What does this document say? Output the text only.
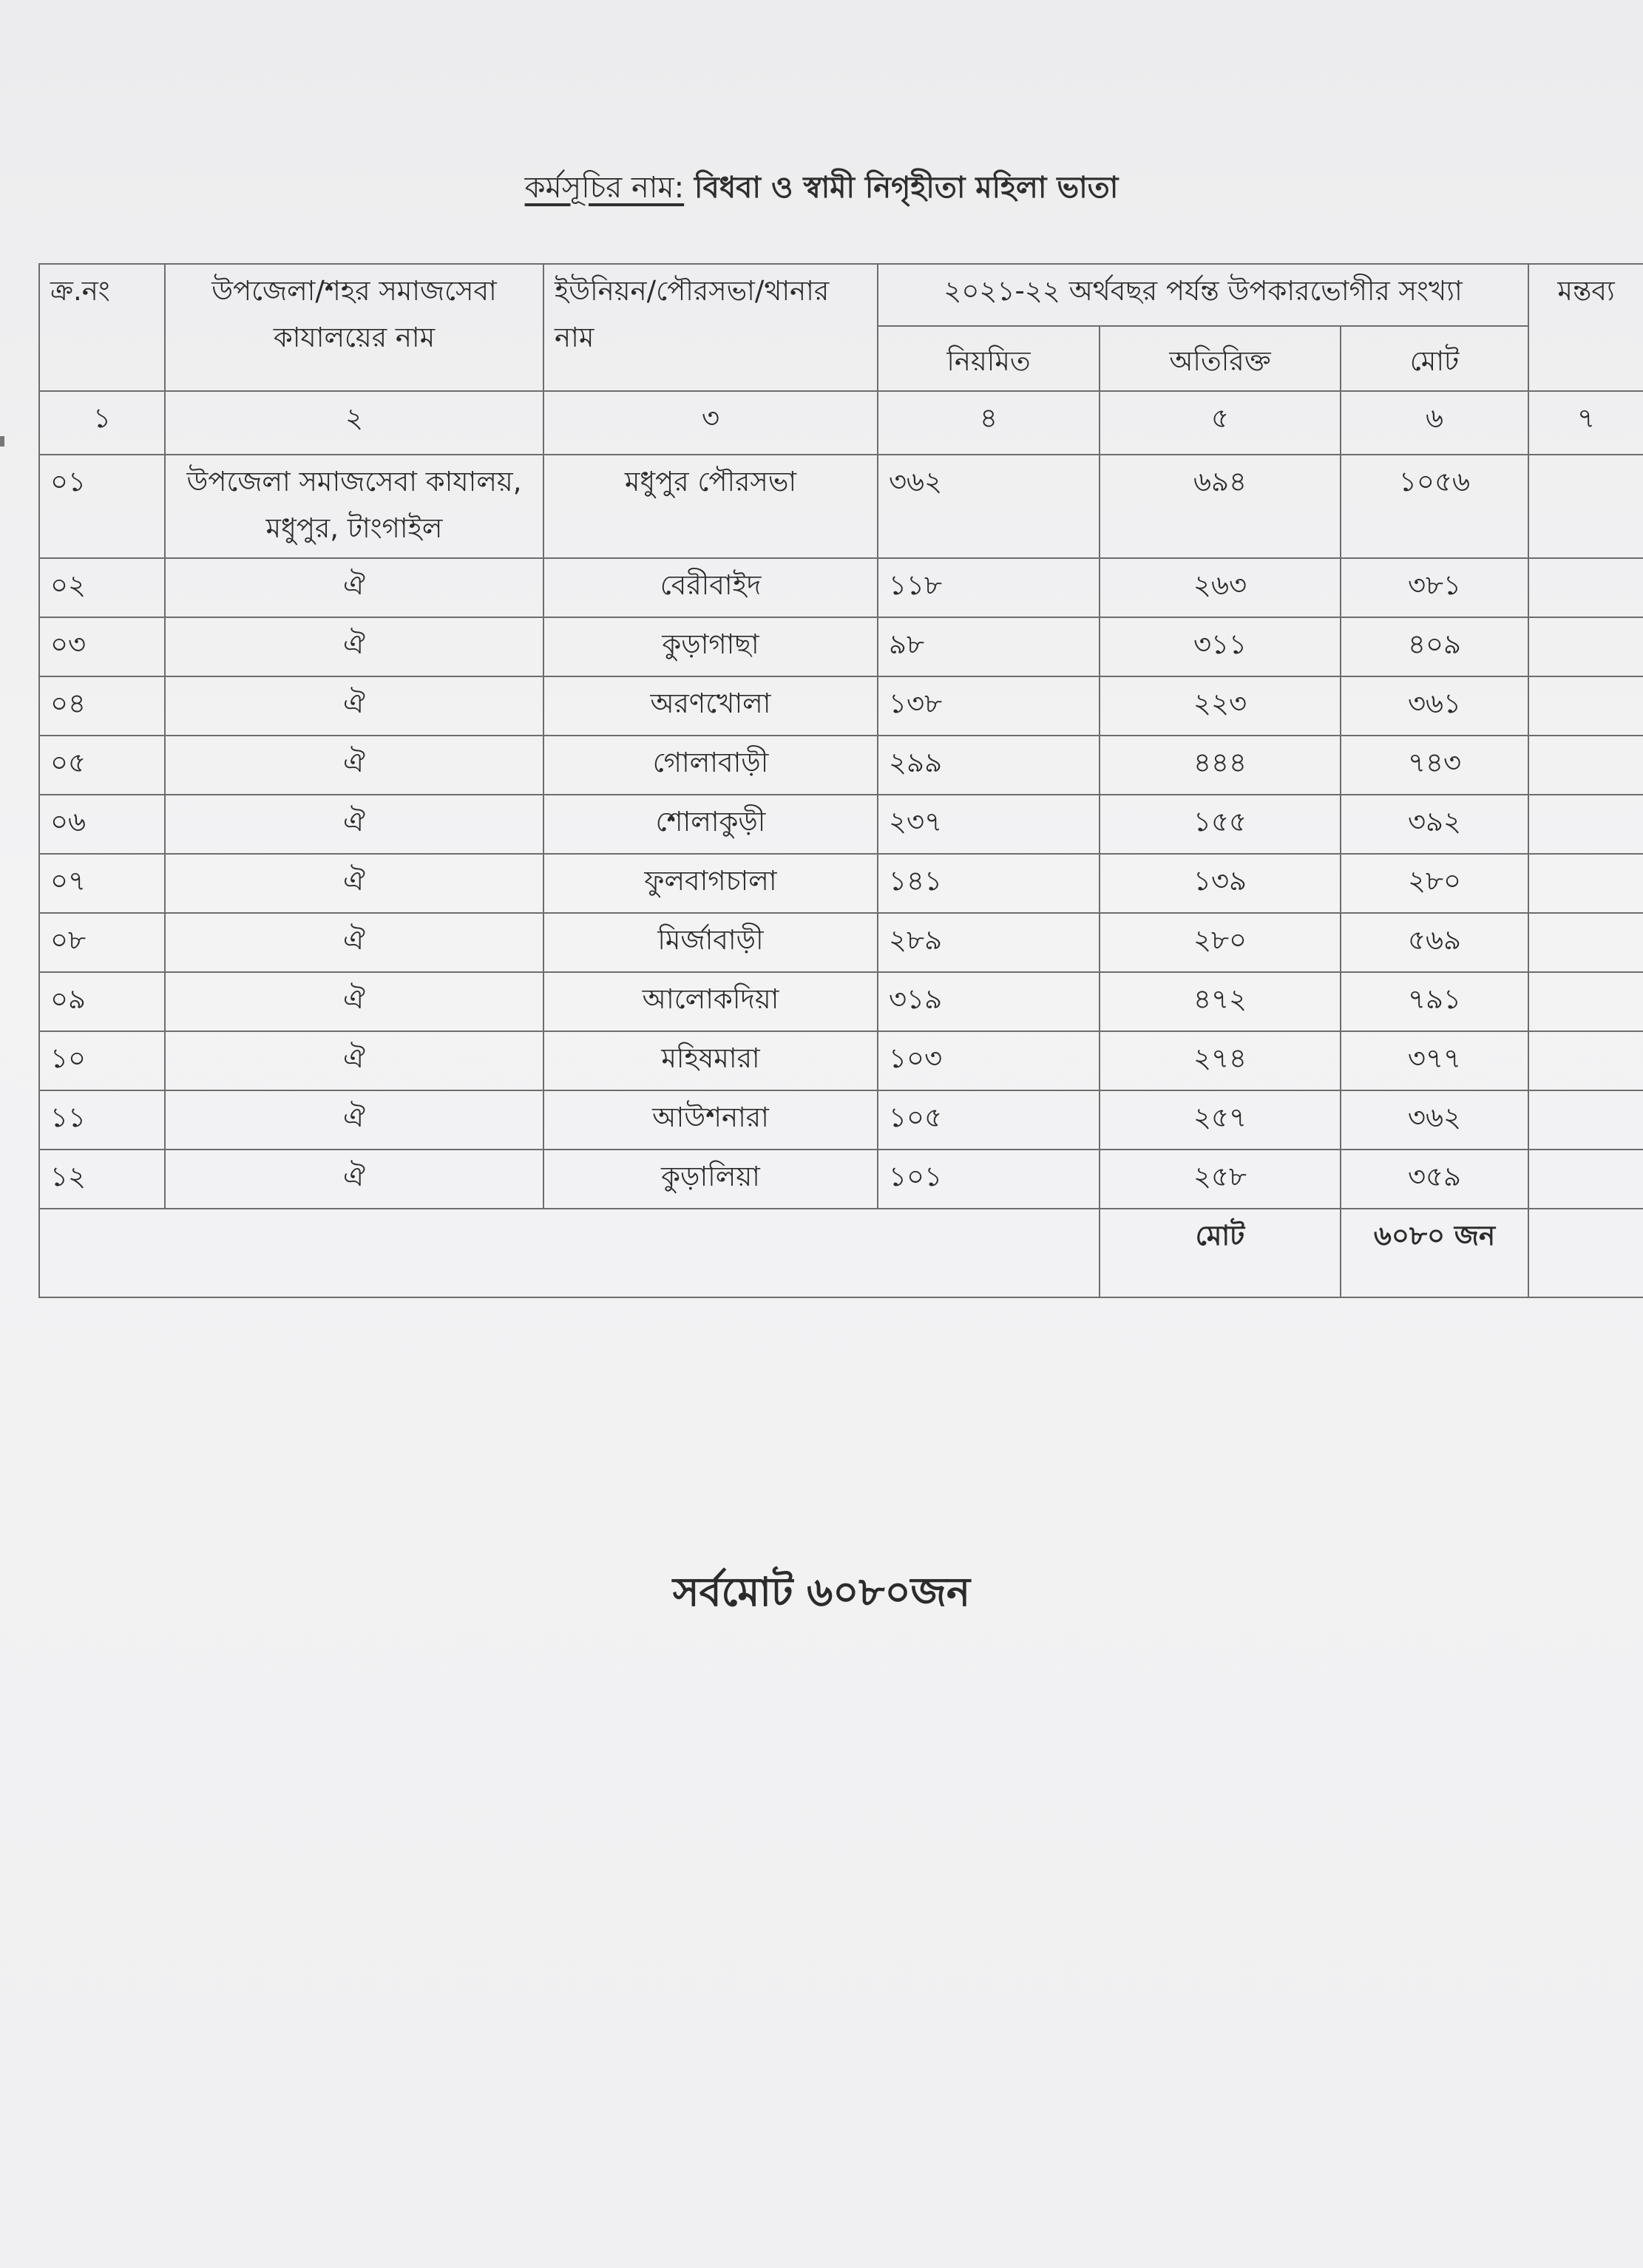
কর্মসূচির নাম: বিধবা ও স্বামী নিগৃহীতা মহিলা ভাতা
ক্র.নং	উপজেলা/শহর সমাজসেবা কাযালয়ের নাম	ইউনিয়ন/পৌরসভা/থানার নাম	২০২১-২২ অর্থবছর পর্যন্ত উপকারভোগীর সংখ্যা			মন্তব্য
			নিয়মিত	অতিরিক্ত	মোট	
১	২	৩	৪	৫	৬	৭
০১	উপজেলা সমাজসেবা কাযালয়, মধুপুর, টাংগাইল	মধুপুর পৌরসভা	৩৬২	৬৯৪	১০৫৬	
০২	ঐ	বেরীবাইদ	১১৮	২৬৩	৩৮১	
০৩	ঐ	কুড়াগাছা	৯৮	৩১১	৪০৯	
০৪	ঐ	অরণখোলা	১৩৮	২২৩	৩৬১	
০৫	ঐ	গোলাবাড়ী	২৯৯	৪৪৪	৭৪৩	
০৬	ঐ	শোলাকুড়ী	২৩৭	১৫৫	৩৯২	
০৭	ঐ	ফুলবাগচালা	১৪১	১৩৯	২৮০	
০৮	ঐ	মির্জাবাড়ী	২৮৯	২৮০	৫৬৯	
০৯	ঐ	আলোকদিয়া	৩১৯	৪৭২	৭৯১	
১০	ঐ	মহিষমারা	১০৩	২৭৪	৩৭৭	
১১	ঐ	আউশনারা	১০৫	২৫৭	৩৬২	
১২	ঐ	কুড়ালিয়া	১০১	২৫৮	৩৫৯	
				মোট	৬০৮০ জন	
সর্বমোট ৬০৮০জন
